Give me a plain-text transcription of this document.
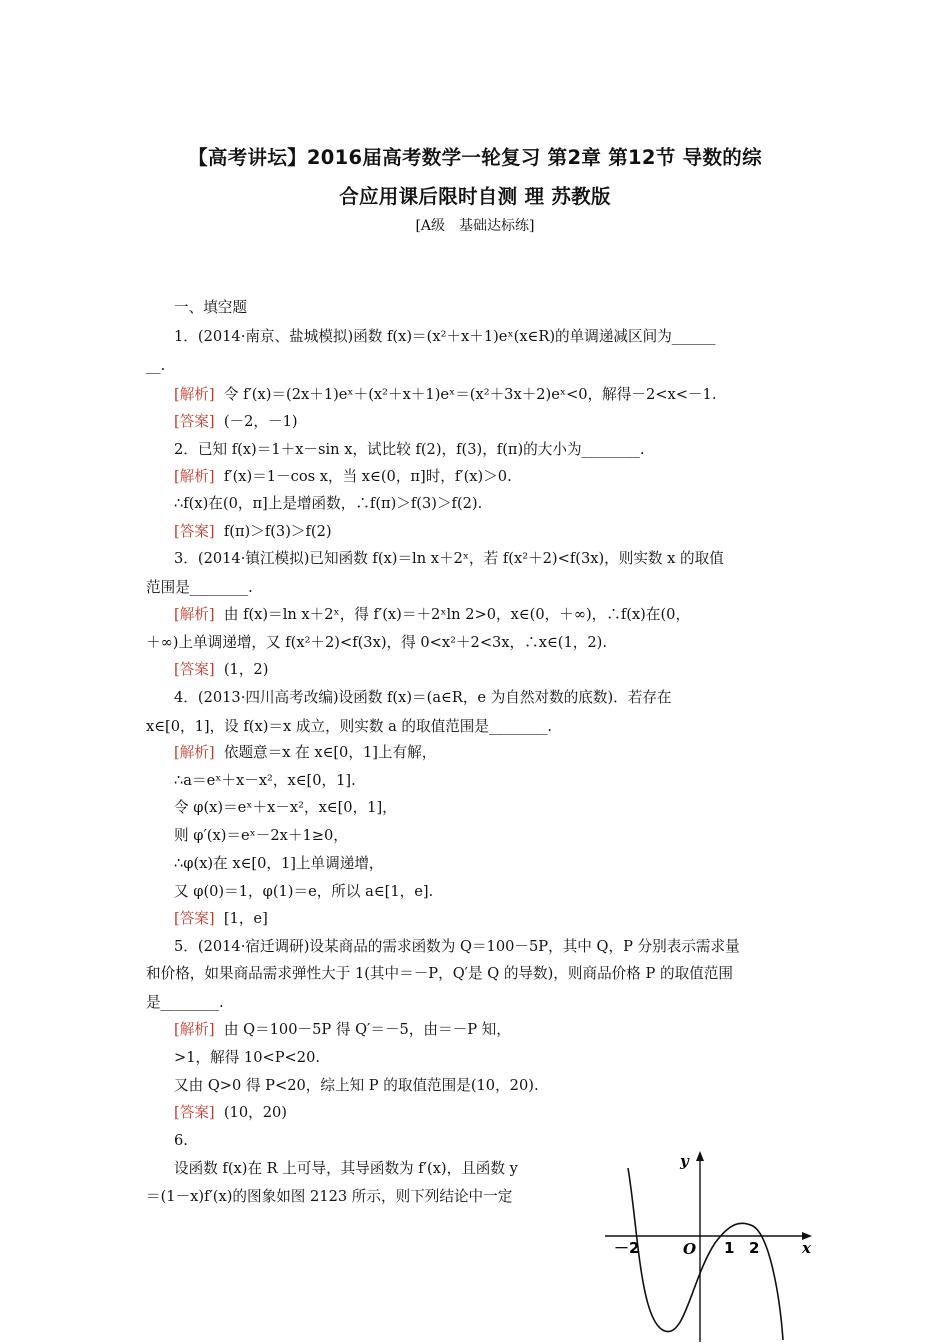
【高考讲坛】2016届高考数学一轮复习 第2章 第12节 导数的综
合应用课后限时自测 理 苏教版
[A级　基础达标练]
一、填空题
1．(2014·南京、盐城模拟)函数 f(x)＝(x²＋x＋1)eˣ(x∈R)的单调递减区间为______
__.
[解析]  令 f′(x)＝(2x＋1)eˣ＋(x²＋x＋1)eˣ＝(x²＋3x＋2)eˣ<0，解得－2<x<－1.
[答案]  (－2，－1)
2．已知 f(x)＝1＋x－sin x，试比较 f(2)，f(3)，f(π)的大小为________.
[解析]  f′(x)＝1－cos x，当 x∈(0，π]时，f′(x)＞0.
∴f(x)在(0，π]上是增函数，∴f(π)＞f(3)＞f(2).
[答案]  f(π)＞f(3)＞f(2)
3．(2014·镇江模拟)已知函数 f(x)＝ln x＋2ˣ，若 f(x²＋2)<f(3x)，则实数 x 的取值
范围是________.
[解析]  由 f(x)＝ln x＋2ˣ，得 f′(x)＝＋2ˣln 2>0，x∈(0，＋∞)，∴f(x)在(0，
＋∞)上单调递增，又 f(x²＋2)<f(3x)，得 0<x²＋2<3x，∴x∈(1，2).
[答案]  (1，2)
4．(2013·四川高考改编)设函数 f(x)＝(a∈R，e 为自然对数的底数)．若存在
x∈[0，1]，设 f(x)＝x 成立，则实数 a 的取值范围是________.
[解析]  依题意＝x 在 x∈[0，1]上有解，
∴a＝eˣ＋x－x²，x∈[0，1].
令 φ(x)＝eˣ＋x－x²，x∈[0，1]，
则 φ′(x)＝eˣ－2x＋1≥0，
∴φ(x)在 x∈[0，1]上单调递增，
又 φ(0)＝1，φ(1)＝e，所以 a∈[1，e].
[答案]  [1，e]
5．(2014·宿迁调研)设某商品的需求函数为 Q＝100－5P，其中 Q，P 分别表示需求量
和价格，如果商品需求弹性大于 1(其中＝－P，Q′是 Q 的导数)，则商品价格 P 的取值范围
是________.
[解析]  由 Q＝100－5P 得 Q′＝－5，由＝－P 知，
>1，解得 10<P<20.
又由 Q>0 得 P<20，综上知 P 的取值范围是(10，20).
[答案]  (10，20)
6.
设函数 f(x)在 R 上可导，其导函数为 f′(x)，且函数 y
＝(1－x)f′(x)的图象如图 2123 所示，则下列结论中一定
y
x
O
－2	1 2
